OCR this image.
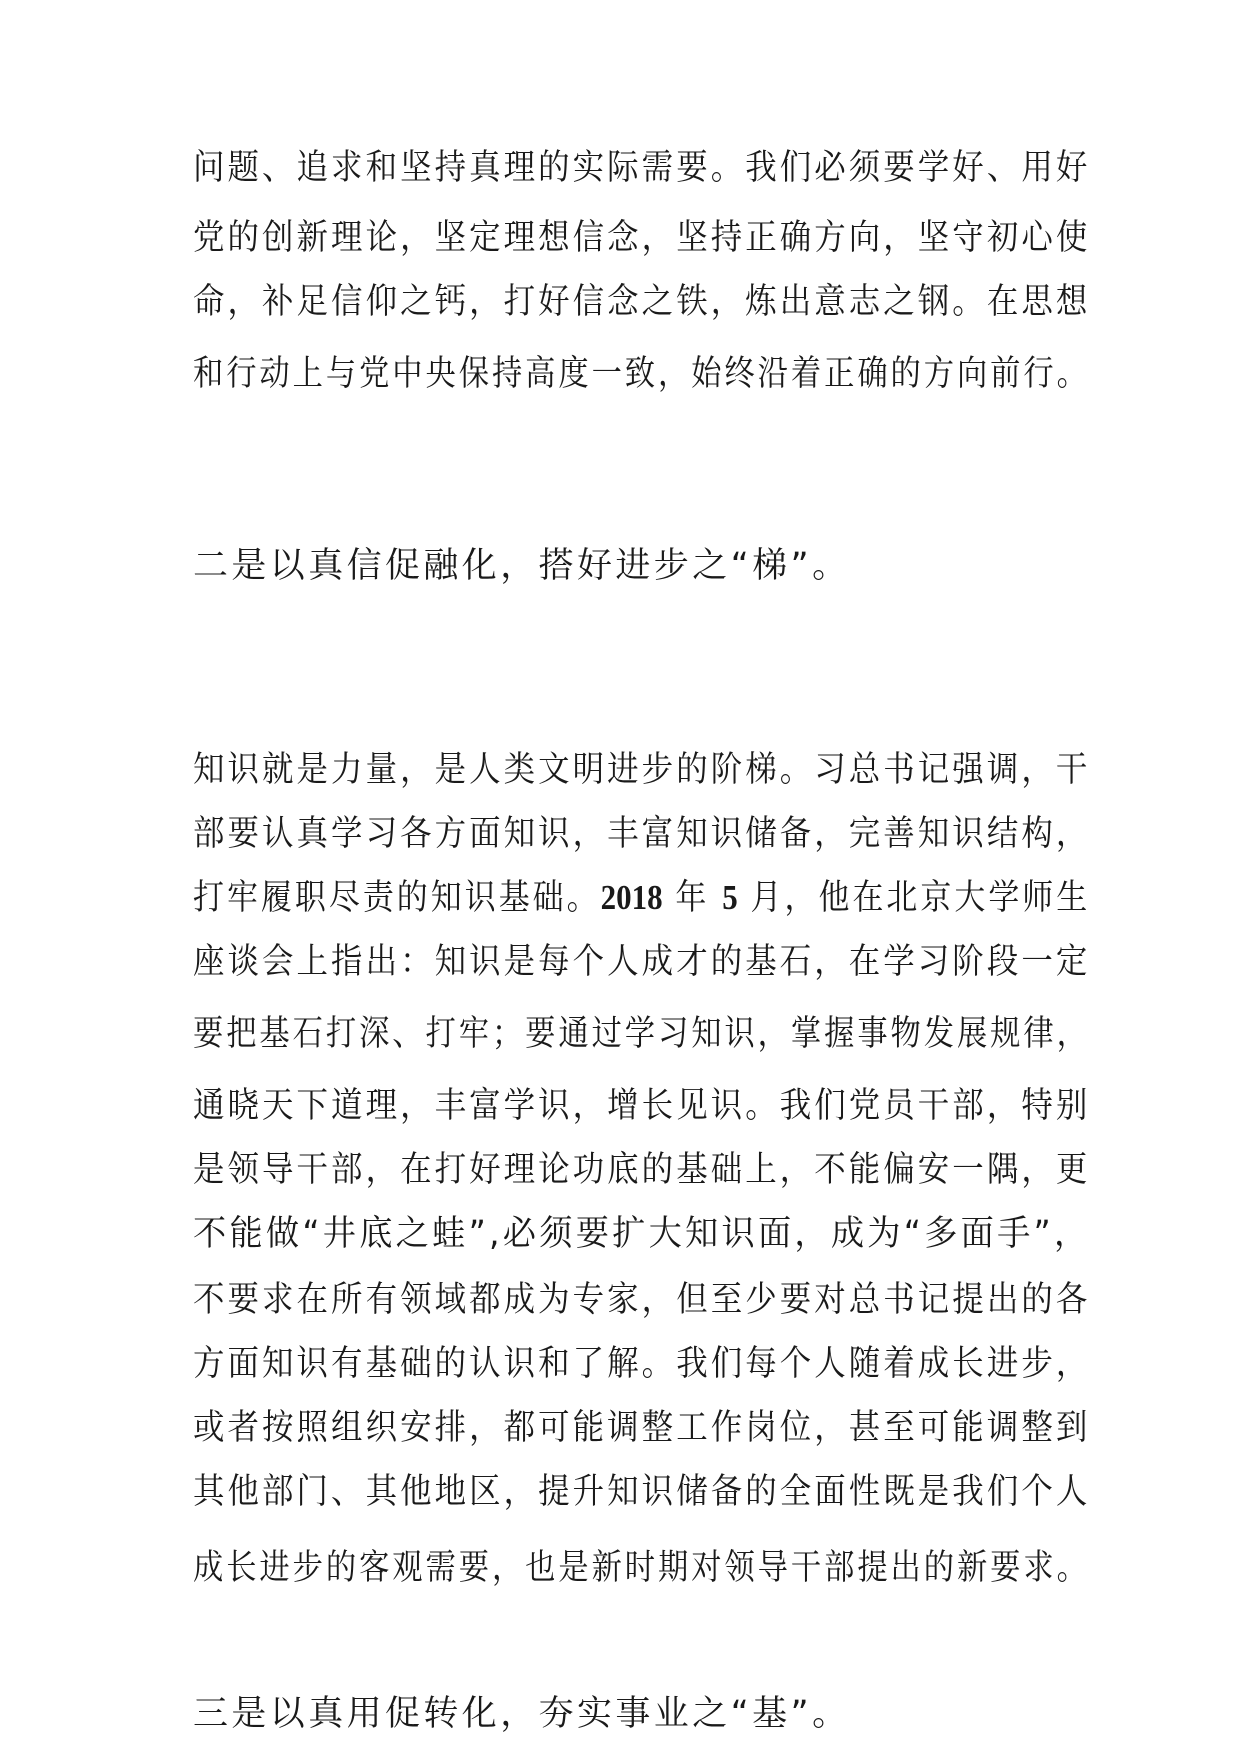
问题、追求和坚持真理的实际需要。我们必须要学好、用好
党的创新理论，坚定理想信念，坚持正确方向，坚守初心使
命，补足信仰之钙，打好信念之铁，炼出意志之钢。在思想
和行动上与党中央保持高度一致，始终沿着正确的方向前行。
二是以真信促融化，搭好进步之“梯”。
知识就是力量，是人类文明进步的阶梯。习总书记强调，干
部要认真学习各方面知识，丰富知识储备，完善知识结构，
打牢履职尽责的知识基础。2018 年 5 月，他在北京大学师生
座谈会上指出：知识是每个人成才的基石，在学习阶段一定
要把基石打深、打牢；要通过学习知识，掌握事物发展规律，
通晓天下道理，丰富学识，增长见识。我们党员干部，特别
是领导干部，在打好理论功底的基础上，不能偏安一隅，更
不能做“井底之蛙”,必须要扩大知识面，成为“多面手”，
不要求在所有领域都成为专家，但至少要对总书记提出的各
方面知识有基础的认识和了解。我们每个人随着成长进步，
或者按照组织安排，都可能调整工作岗位，甚至可能调整到
其他部门、其他地区，提升知识储备的全面性既是我们个人
成长进步的客观需要，也是新时期对领导干部提出的新要求。
三是以真用促转化，夯实事业之“基”。
